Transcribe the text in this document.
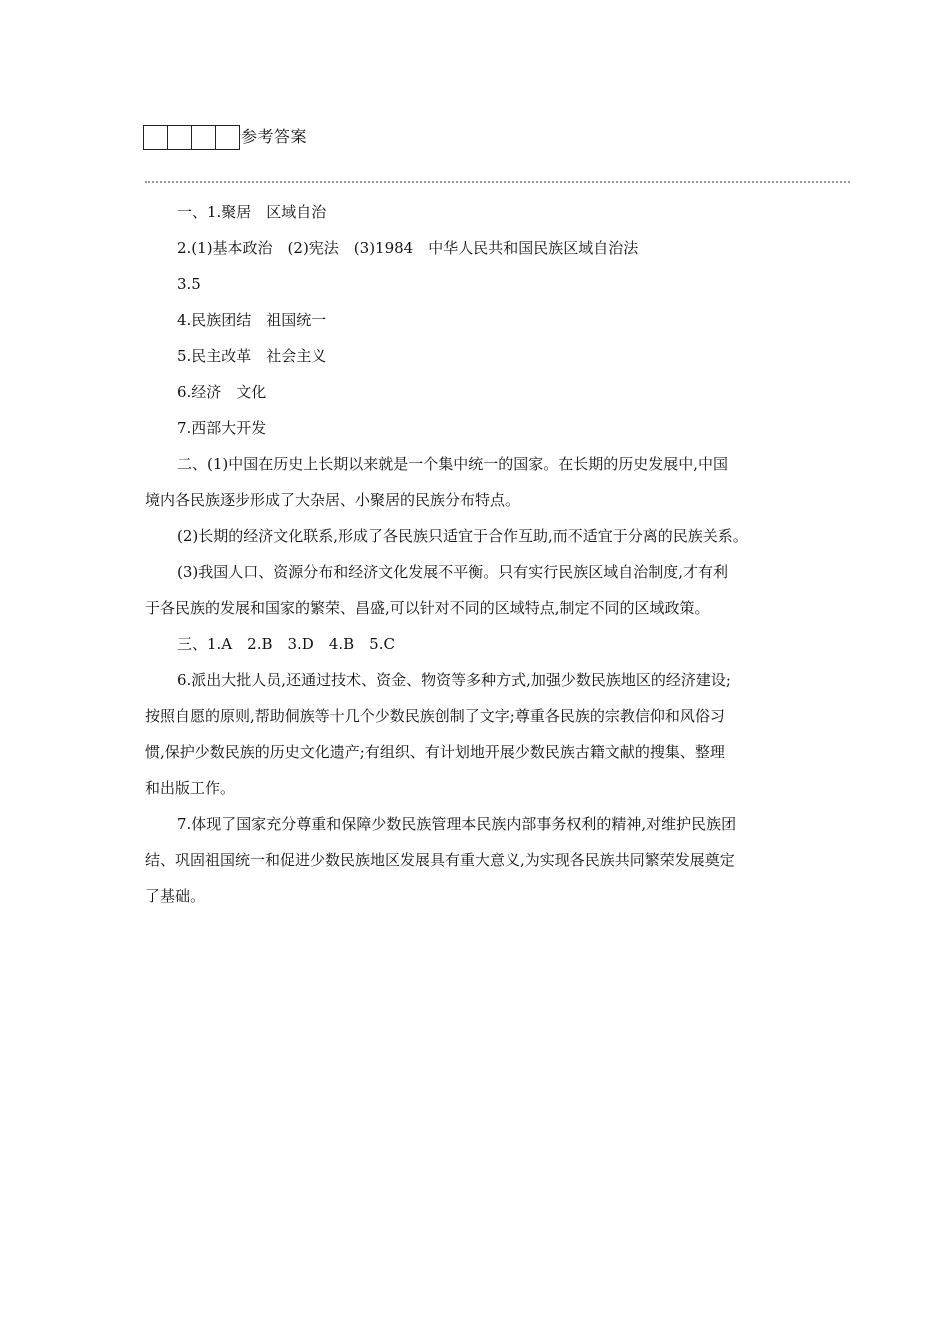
参考答案
一、1.聚居　区域自治
2.(1)基本政治　(2)宪法　(3)1984　中华人民共和国民族区域自治法
3.5
4.民族团结　祖国统一
5.民主改革　社会主义
6.经济　文化
7.西部大开发
二、(1)中国在历史上长期以来就是一个集中统一的国家。在长期的历史发展中,中国
境内各民族逐步形成了大杂居、小聚居的民族分布特点。
(2)长期的经济文化联系,形成了各民族只适宜于合作互助,而不适宜于分离的民族关系。
(3)我国人口、资源分布和经济文化发展不平衡。只有实行民族区域自治制度,才有利
于各民族的发展和国家的繁荣、昌盛,可以针对不同的区域特点,制定不同的区域政策。
三、1.A　2.B　3.D　4.B　5.C
6.派出大批人员,还通过技术、资金、物资等多种方式,加强少数民族地区的经济建设;
按照自愿的原则,帮助侗族等十几个少数民族创制了文字;尊重各民族的宗教信仰和风俗习
惯,保护少数民族的历史文化遗产;有组织、有计划地开展少数民族古籍文献的搜集、整理
和出版工作。
7.体现了国家充分尊重和保障少数民族管理本民族内部事务权利的精神,对维护民族团
结、巩固祖国统一和促进少数民族地区发展具有重大意义,为实现各民族共同繁荣发展奠定
了基础。
